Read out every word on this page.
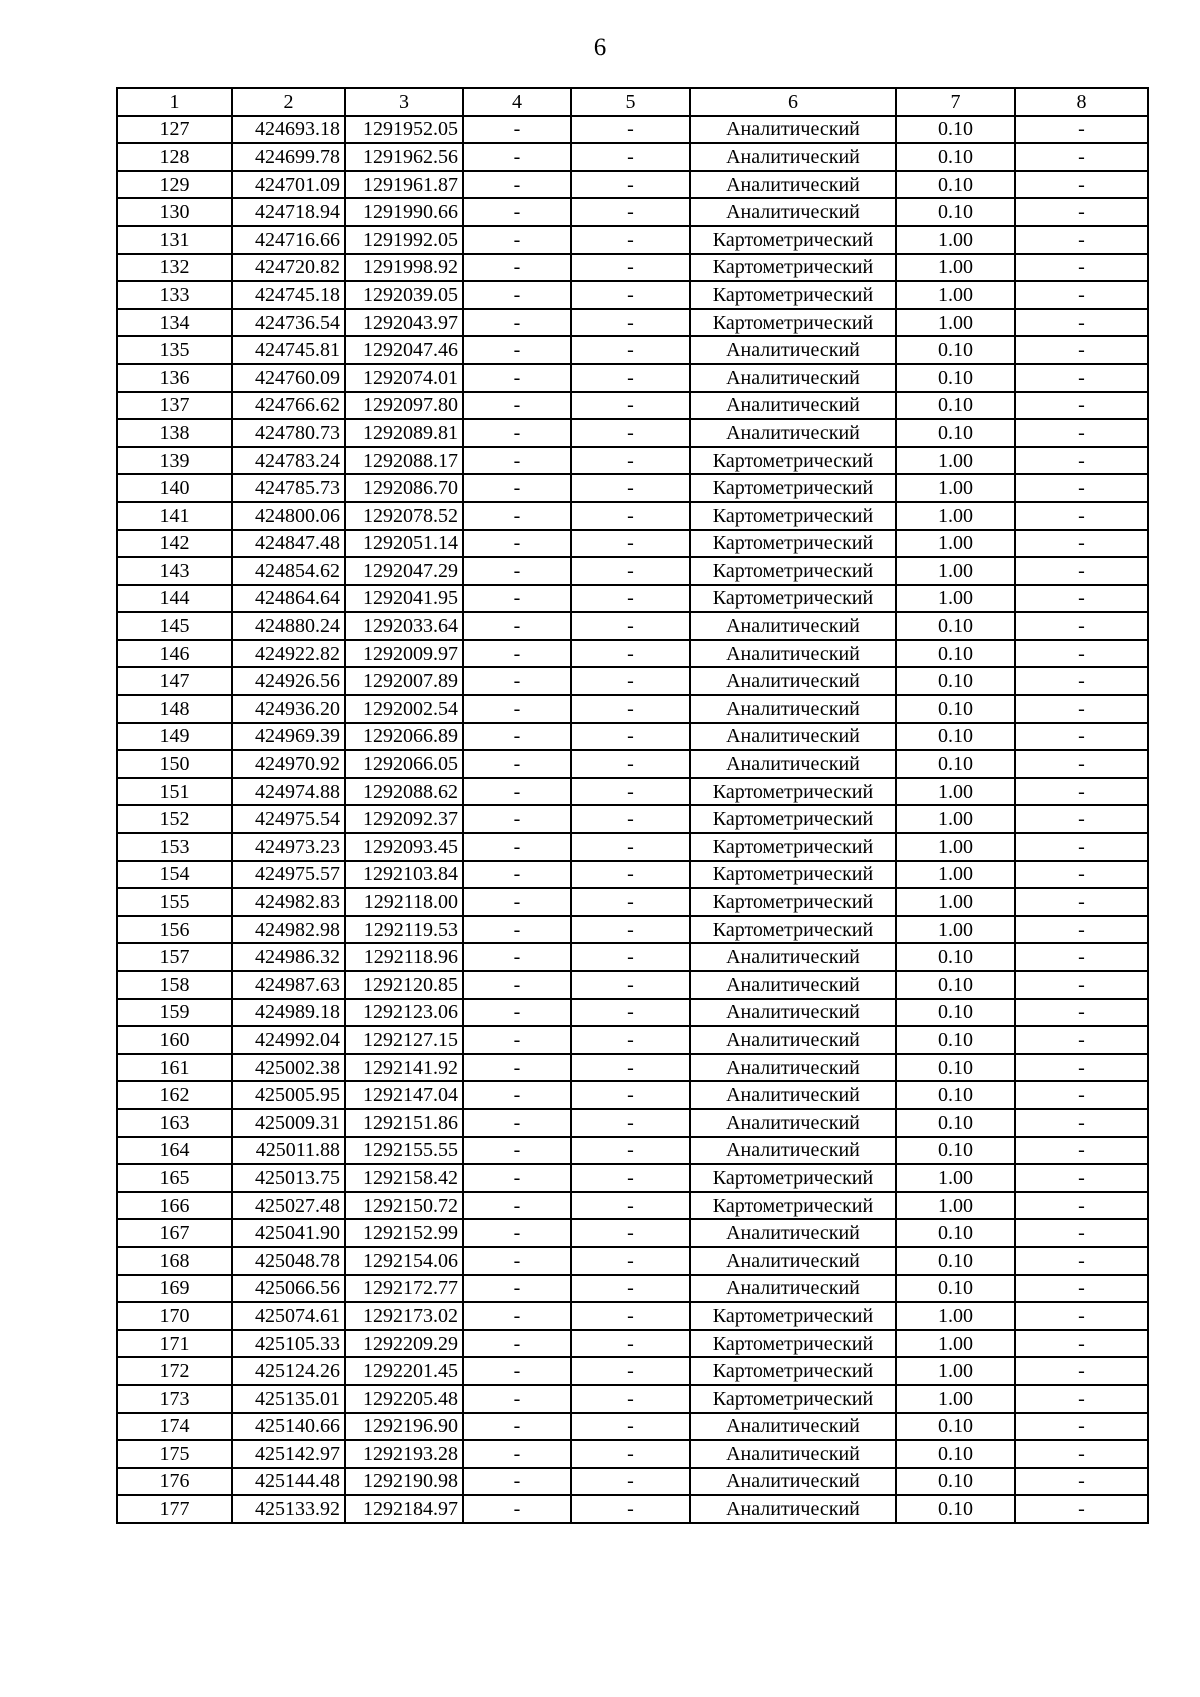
6
1	2	3	4	5	6	7	8
127	424693.18	1291952.05	-	-	Аналитический	0.10	-
128	424699.78	1291962.56	-	-	Аналитический	0.10	-
129	424701.09	1291961.87	-	-	Аналитический	0.10	-
130	424718.94	1291990.66	-	-	Аналитический	0.10	-
131	424716.66	1291992.05	-	-	Картометрический	1.00	-
132	424720.82	1291998.92	-	-	Картометрический	1.00	-
133	424745.18	1292039.05	-	-	Картометрический	1.00	-
134	424736.54	1292043.97	-	-	Картометрический	1.00	-
135	424745.81	1292047.46	-	-	Аналитический	0.10	-
136	424760.09	1292074.01	-	-	Аналитический	0.10	-
137	424766.62	1292097.80	-	-	Аналитический	0.10	-
138	424780.73	1292089.81	-	-	Аналитический	0.10	-
139	424783.24	1292088.17	-	-	Картометрический	1.00	-
140	424785.73	1292086.70	-	-	Картометрический	1.00	-
141	424800.06	1292078.52	-	-	Картометрический	1.00	-
142	424847.48	1292051.14	-	-	Картометрический	1.00	-
143	424854.62	1292047.29	-	-	Картометрический	1.00	-
144	424864.64	1292041.95	-	-	Картометрический	1.00	-
145	424880.24	1292033.64	-	-	Аналитический	0.10	-
146	424922.82	1292009.97	-	-	Аналитический	0.10	-
147	424926.56	1292007.89	-	-	Аналитический	0.10	-
148	424936.20	1292002.54	-	-	Аналитический	0.10	-
149	424969.39	1292066.89	-	-	Аналитический	0.10	-
150	424970.92	1292066.05	-	-	Аналитический	0.10	-
151	424974.88	1292088.62	-	-	Картометрический	1.00	-
152	424975.54	1292092.37	-	-	Картометрический	1.00	-
153	424973.23	1292093.45	-	-	Картометрический	1.00	-
154	424975.57	1292103.84	-	-	Картометрический	1.00	-
155	424982.83	1292118.00	-	-	Картометрический	1.00	-
156	424982.98	1292119.53	-	-	Картометрический	1.00	-
157	424986.32	1292118.96	-	-	Аналитический	0.10	-
158	424987.63	1292120.85	-	-	Аналитический	0.10	-
159	424989.18	1292123.06	-	-	Аналитический	0.10	-
160	424992.04	1292127.15	-	-	Аналитический	0.10	-
161	425002.38	1292141.92	-	-	Аналитический	0.10	-
162	425005.95	1292147.04	-	-	Аналитический	0.10	-
163	425009.31	1292151.86	-	-	Аналитический	0.10	-
164	425011.88	1292155.55	-	-	Аналитический	0.10	-
165	425013.75	1292158.42	-	-	Картометрический	1.00	-
166	425027.48	1292150.72	-	-	Картометрический	1.00	-
167	425041.90	1292152.99	-	-	Аналитический	0.10	-
168	425048.78	1292154.06	-	-	Аналитический	0.10	-
169	425066.56	1292172.77	-	-	Аналитический	0.10	-
170	425074.61	1292173.02	-	-	Картометрический	1.00	-
171	425105.33	1292209.29	-	-	Картометрический	1.00	-
172	425124.26	1292201.45	-	-	Картометрический	1.00	-
173	425135.01	1292205.48	-	-	Картометрический	1.00	-
174	425140.66	1292196.90	-	-	Аналитический	0.10	-
175	425142.97	1292193.28	-	-	Аналитический	0.10	-
176	425144.48	1292190.98	-	-	Аналитический	0.10	-
177	425133.92	1292184.97	-	-	Аналитический	0.10	-
